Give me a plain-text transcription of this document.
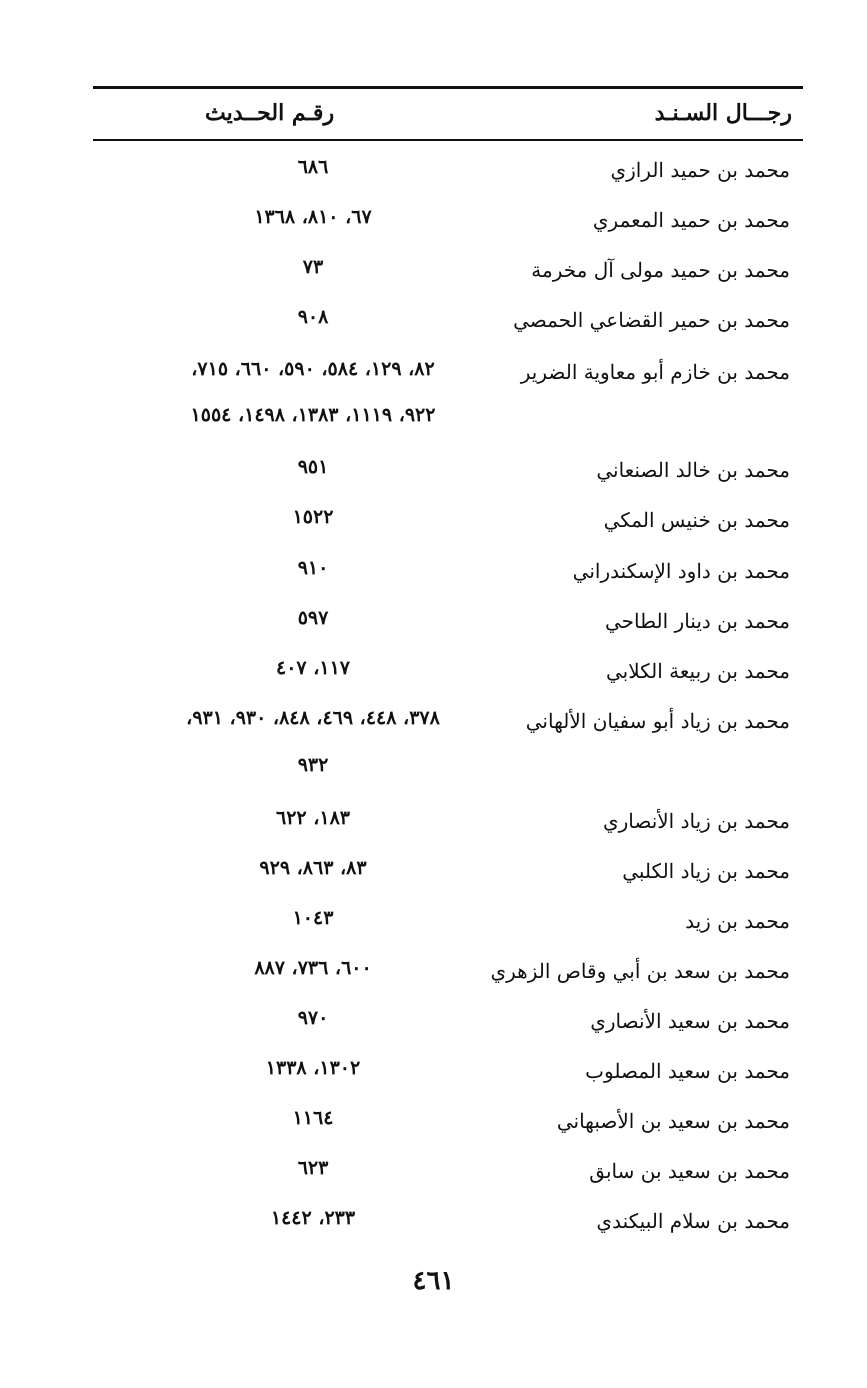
رجـــال السـنـد
رقـم الحــديث
محمد بن حميد الرازي
٦٨٦
محمد بن حميد المعمري
٦٧، ٨١٠، ١٣٦٨
محمد بن حميد مولى آل مخرمة
٧٣
محمد بن حمير القضاعي الحمصي
٩٠٨
محمد بن خازم أبو معاوية الضرير
٨٢، ١٢٩، ٥٨٤، ٥٩٠، ٦٦٠، ٧١٥،
٩٢٢، ١١١٩، ١٣٨٣، ١٤٩٨، ١٥٥٤
محمد بن خالد الصنعاني
٩٥١
محمد بن خنيس المكي
١٥٢٢
محمد بن داود الإسكندراني
٩١٠
محمد بن دينار الطاحي
٥٩٧
محمد بن ربيعة الكلابي
١١٧، ٤٠٧
محمد بن زياد أبو سفيان الألهاني
٣٧٨، ٤٤٨، ٤٦٩، ٨٤٨، ٩٣٠، ٩٣١،
٩٣٢
محمد بن زياد الأنصاري
١٨٣، ٦٢٢
محمد بن زياد الكلبي
٨٣، ٨٦٣، ٩٢٩
محمد بن زيد
١٠٤٣
محمد بن سعد بن أبي وقاص الزهري
٦٠٠، ٧٣٦، ٨٨٧
محمد بن سعيد الأنصاري
٩٧٠
محمد بن سعيد المصلوب
١٣٠٢، ١٣٣٨
محمد بن سعيد بن الأصبهاني
١١٦٤
محمد بن سعيد بن سابق
٦٢٣
محمد بن سلام البيكندي
٢٣٣، ١٤٤٢
٤٦١
